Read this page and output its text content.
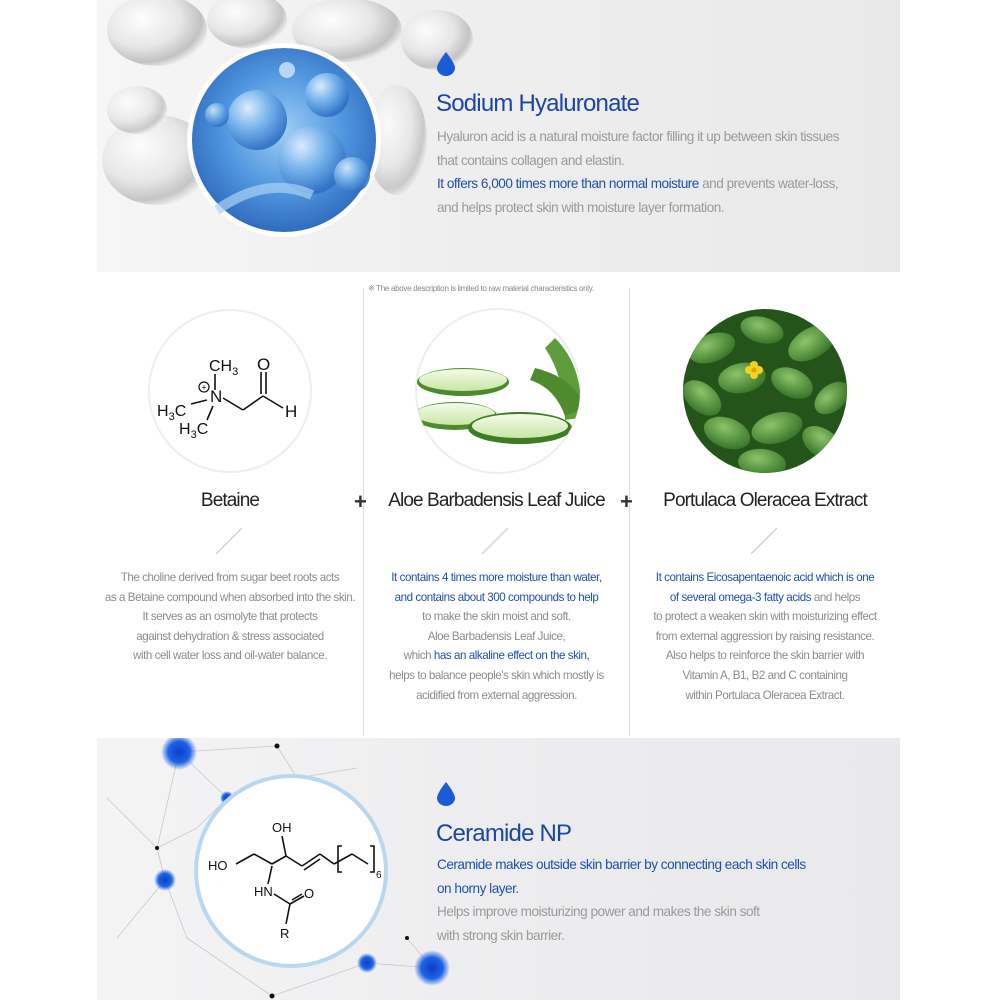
Sodium Hyaluronate
Hyaluron acid is a natural moisture factor filling it up between skin tissues
that contains collagen and elastin.
It offers 6,000 times more than normal moisture and prevents water-loss,
and helps protect skin with moisture layer formation.
※ The above description is limited to raw material characteristics only.
+
$CH_3$
N
$H_3C$
$H_3C$
O
H
Betaine
The choline derived from sugar beet roots acts
as a Betaine compound when absorbed into the skin.
It serves as an osmolyte that protects
against dehydration & stress associated
with cell water loss and oil-water balance.
+	Aloe Barbadensis Leaf Juice
It contains 4 times more moisture than water,
and contains about 300 compounds to help
to make the skin moist and soft.
Aloe Barbadensis Leaf Juice,
which has an alkaline effect on the skin,
helps to balance people's skin which mostly is
acidified from external aggression.
+	Portulaca Oleracea Extract
It contains Eicosapentaenoic acid which is one
of several omega-3 fatty acids and helps
to protect a weaken skin with moisturizing effect
from external aggression by raising resistance.
Also helps to reinforce the skin barrier with
Vitamin A, B1, B2 and C containing
within Portulaca Oleracea Extract.
OH
HO
HN O
R
6
Ceramide NP
Ceramide makes outside skin barrier by connecting each skin cells
on horny layer.
Helps improve moisturizing power and makes the skin soft
with strong skin barrier.
